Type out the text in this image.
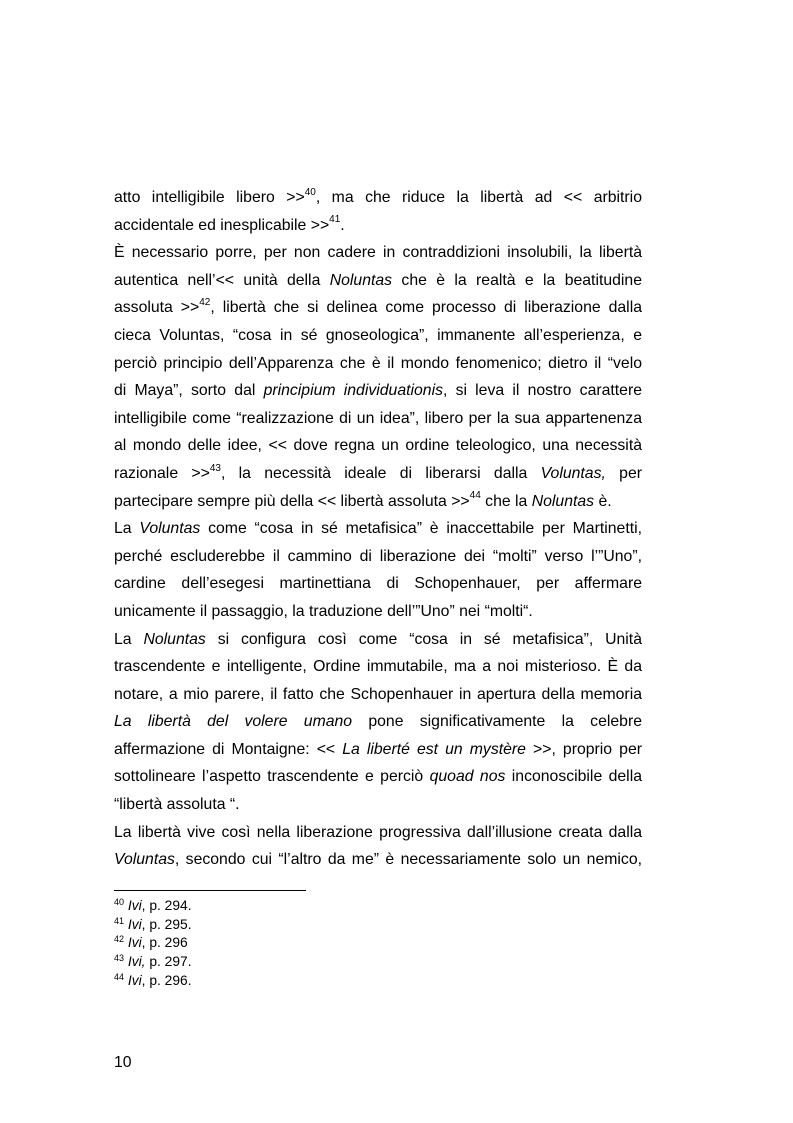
atto intelligibile libero >>$^{40}$, ma che riduce la libertà ad << arbitrio
accidentale ed inesplicabile >>$^{41}$.
È necessario porre, per non cadere in contraddizioni insolubili, la libertà
autentica nell’<< unità della Noluntas che è la realtà e la beatitudine
assoluta >>$^{42}$, libertà che si delinea come processo di liberazione dalla
cieca Voluntas, “cosa in sé gnoseologica”, immanente all’esperienza, e
perciò principio dell’Apparenza che è il mondo fenomenico; dietro il “velo
di Maya”, sorto dal principium individuationis, si leva il nostro carattere
intelligibile come “realizzazione di un idea”, libero per la sua appartenenza
al mondo delle idee, << dove regna un ordine teleologico, una necessità
razionale >>$^{43}$, la necessità ideale di liberarsi dalla Voluntas, per
partecipare sempre più della << libertà assoluta >>$^{44}$ che la Noluntas è.
La Voluntas come “cosa in sé metafisica” è inaccettabile per Martinetti,
perché escluderebbe il cammino di liberazione dei “molti” verso l’”Uno”,
cardine dell’esegesi martinettiana di Schopenhauer, per affermare
unicamente il passaggio, la traduzione dell’”Uno” nei “molti“.
La Noluntas si configura così come “cosa in sé metafisica”, Unità
trascendente e intelligente, Ordine immutabile, ma a noi misterioso. È da
notare, a mio parere, il fatto che Schopenhauer in apertura della memoria
La libertà del volere umano pone significativamente la celebre
affermazione di Montaigne: << La liberté est un mystère >>, proprio per
sottolineare l’aspetto trascendente e perciò quoad nos inconoscibile della
“libertà assoluta “.
La libertà vive così nella liberazione progressiva dall’illusione creata dalla
Voluntas, secondo cui “l’altro da me” è necessariamente solo un nemico,
$^{40}$ Ivi, p. 294.
$^{41}$ Ivi, p. 295.
$^{42}$ Ivi, p. 296
$^{43}$ Ivi, p. 297.
$^{44}$ Ivi, p. 296.
10
